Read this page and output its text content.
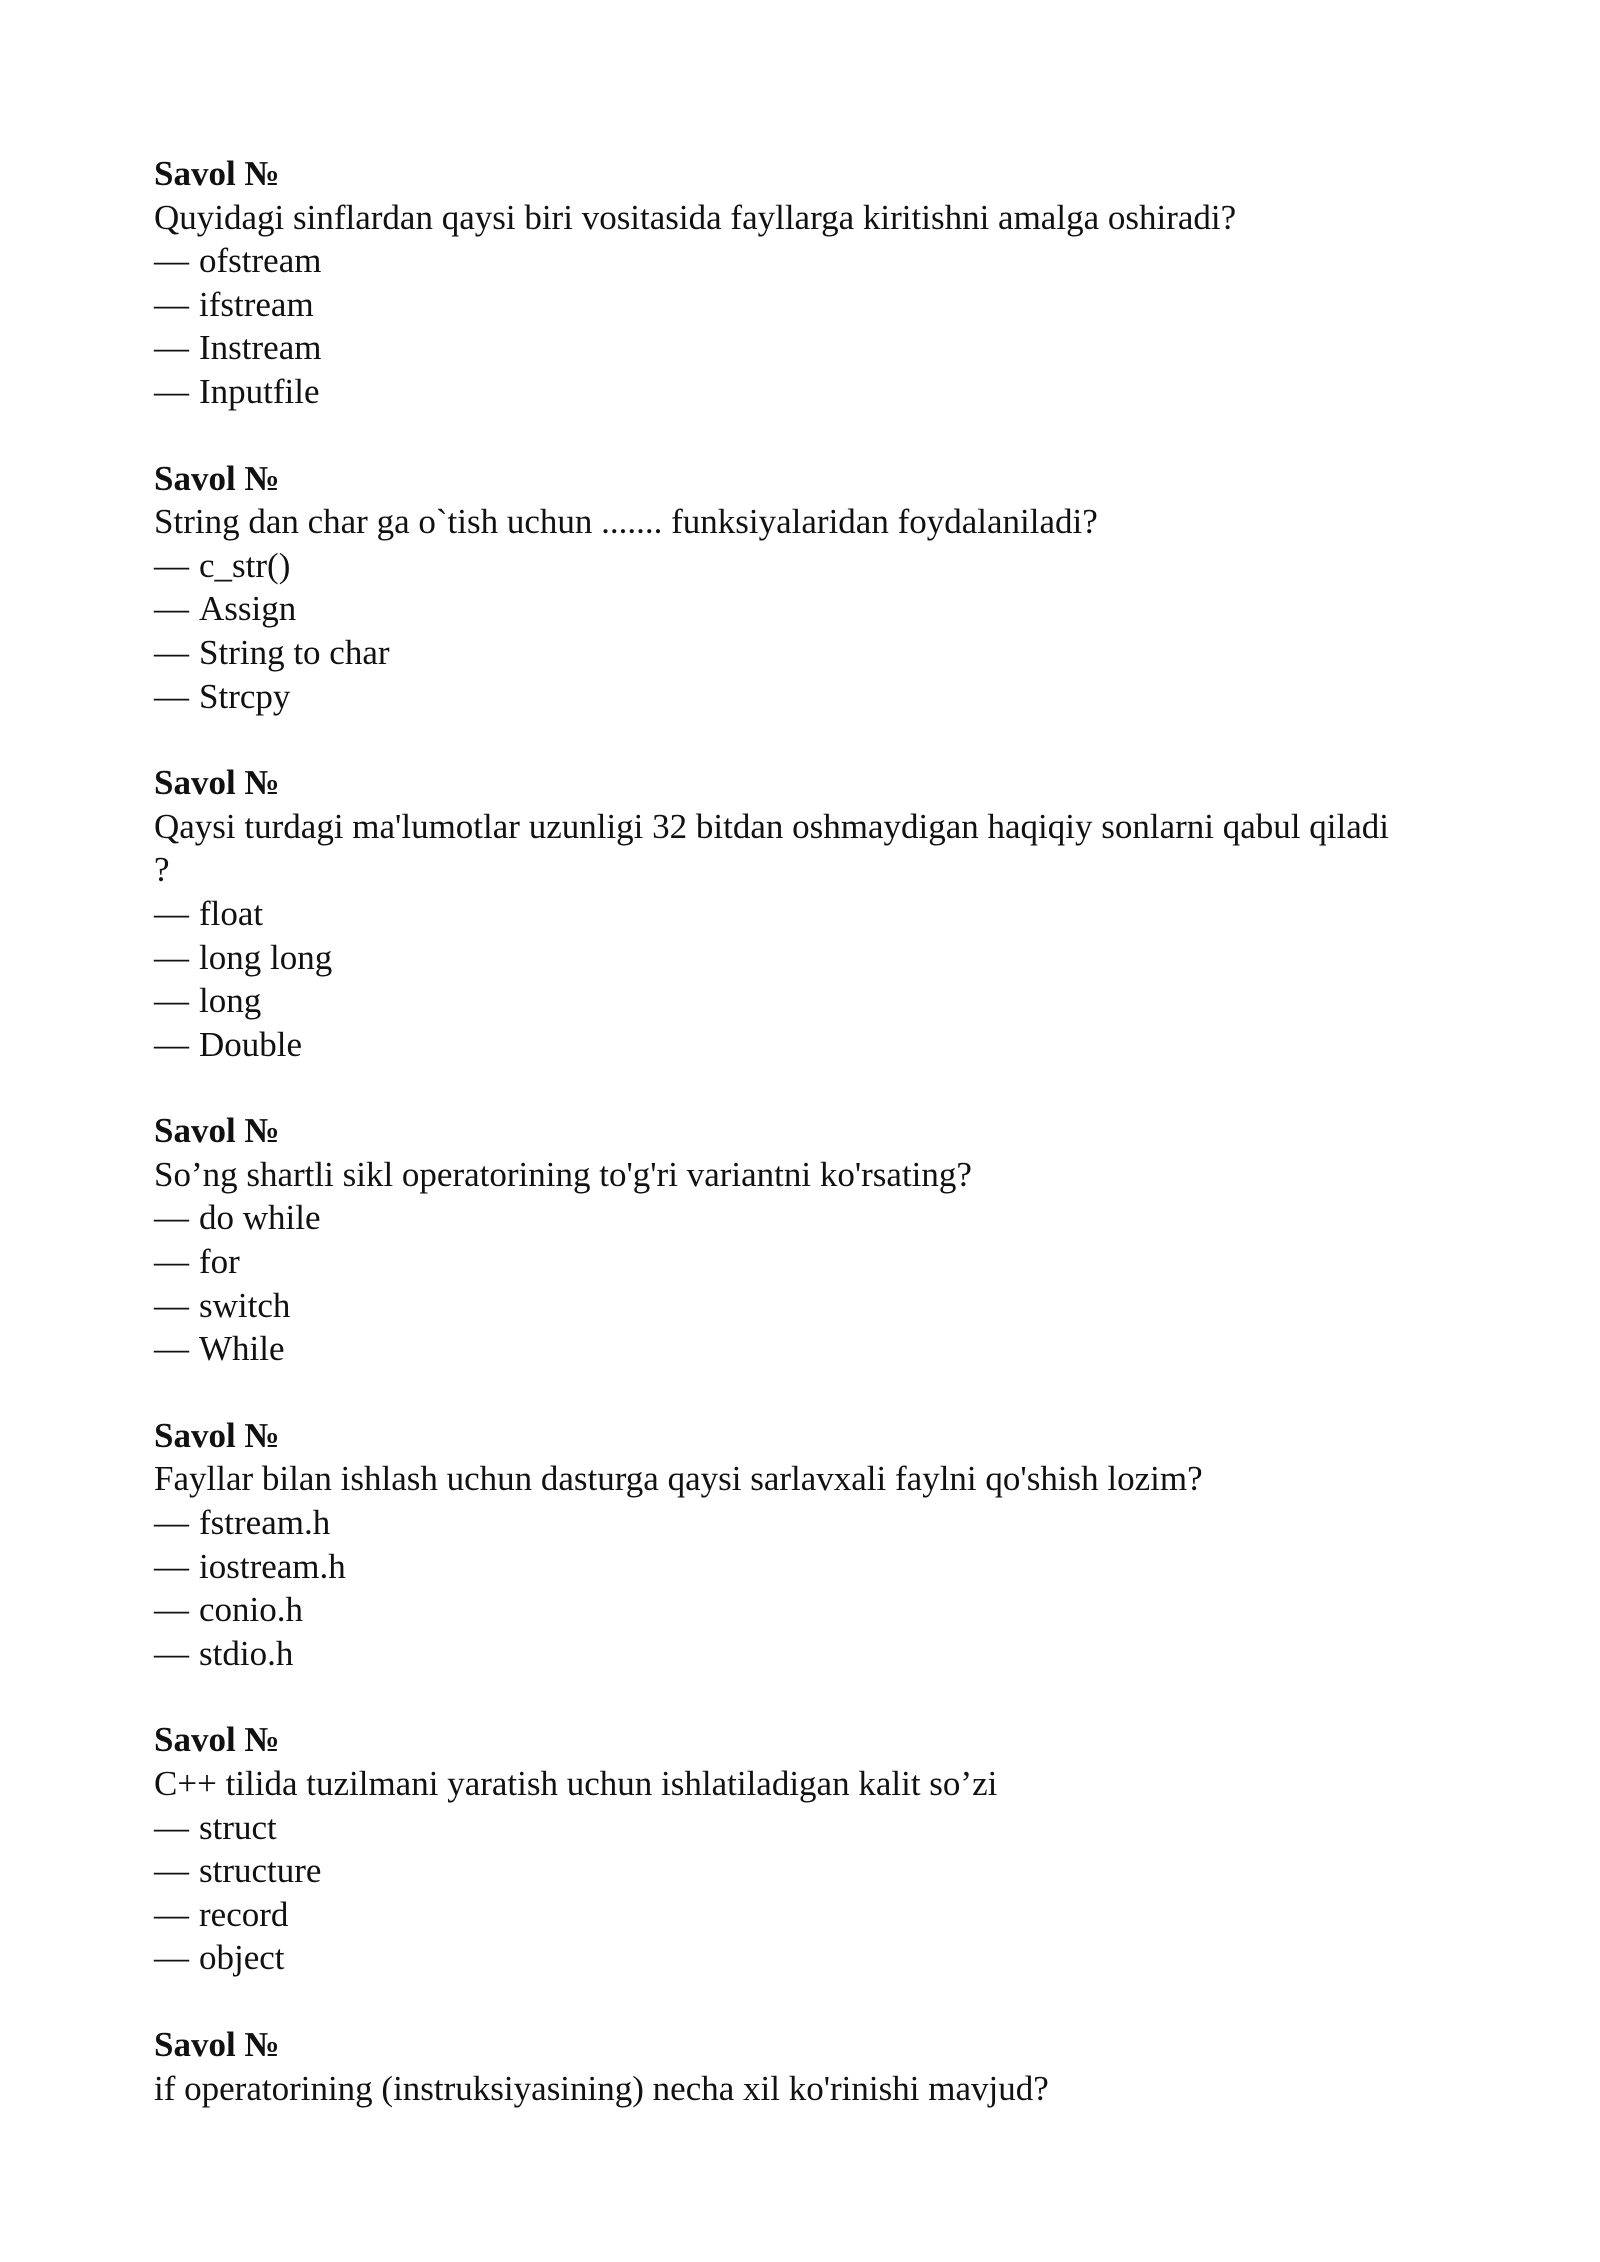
Savol №
Quyidagi sinflardan qaysi biri vositasida fayllarga kiritishni amalga oshiradi?
— ofstream
— ifstream
— Instream
— Inputfile
Savol №
String dan char ga o`tish uchun ....... funksiyalaridan foydalaniladi?
— c_str()
— Assign
— String to char
— Strcpy
Savol №
Qaysi turdagi ma'lumotlar uzunligi 32 bitdan oshmaydigan haqiqiy sonlarni qabul qiladi ?
— float
— long long
— long
— Double
Savol №
So’ng shartli sikl operatorining to'g'ri variantni ko'rsating?
— do while
— for
— switch
— While
Savol №
Fayllar bilan ishlash uchun dasturga qaysi sarlavxali faylni qo'shish lozim?
— fstream.h
— iostream.h
— conio.h
— stdio.h
Savol №
C++ tilida tuzilmani yaratish uchun ishlatiladigan kalit so’zi
— struct
— structure
— record
— object
Savol №
if operatorining (instruksiyasining) necha xil ko'rinishi mavjud?
